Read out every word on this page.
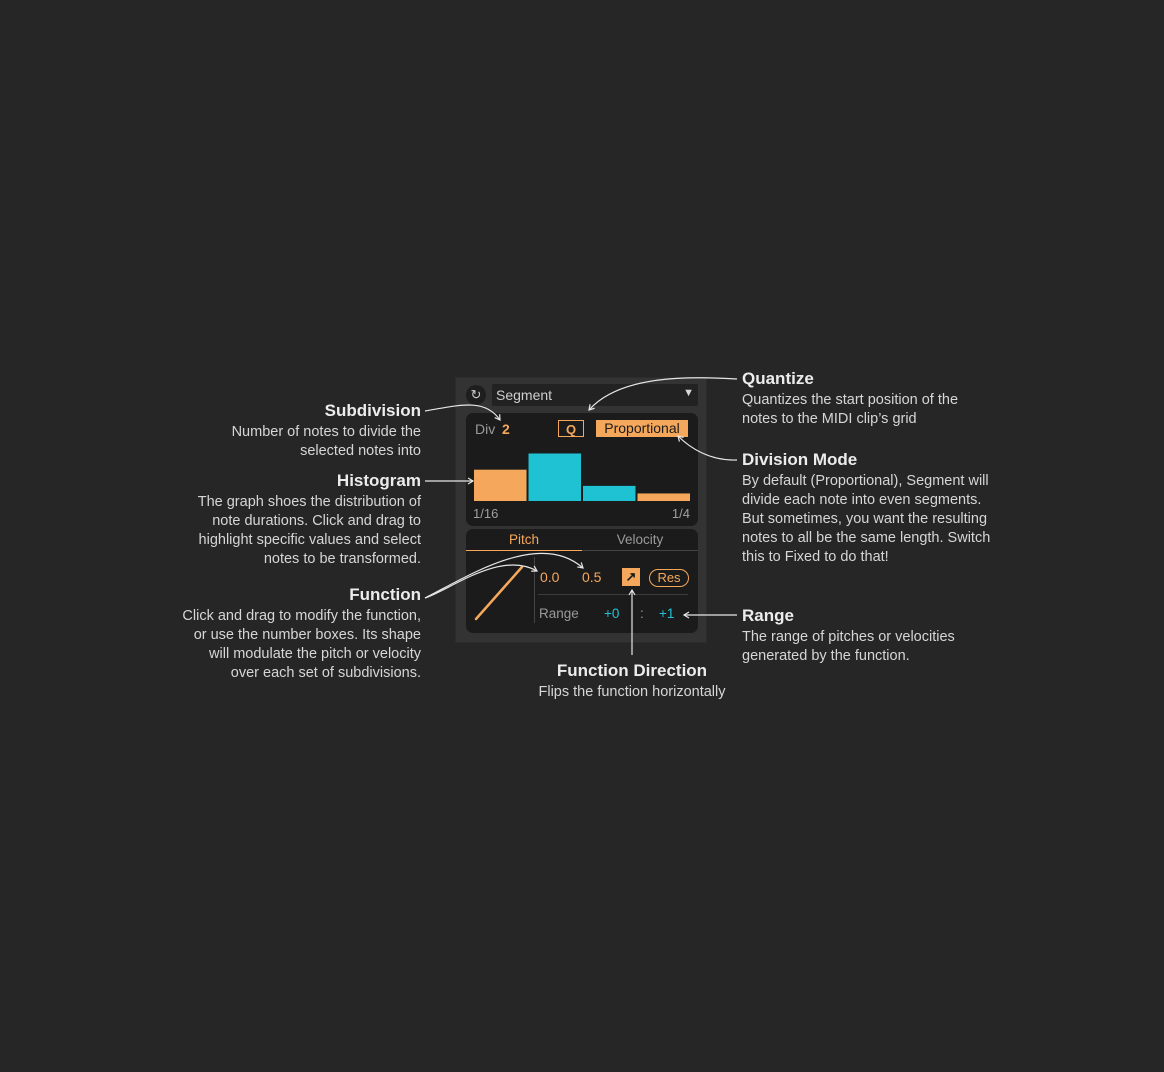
Subdivision

Number of notes to divide the selected notes into

Histogram

The graph shoes the distribution of note durations. Click and drag to highlight specific values and select notes to be transformed.

Function

Click and drag to modify the function, or use the number boxes. Its shape will modulate the pitch or velocity over each set of subdivisions.

Quantize

Quantizes the start position of the notes to the MIDI clip’s grid

Division Mode

By default (Proportional), Segment will divide each note into even segments. But sometimes, you want the resulting notes to all be the same length. Switch this to Fixed to do that!

Range

The range of pitches or velocities generated by the function.

Function Direction

Flips the function horizontally

↻	Segment	▼
Div 2	Q	Proportional
1/16	1/4
Pitch	Velocity
0.0 0.5 ↗	Res
Range +0 : +1
